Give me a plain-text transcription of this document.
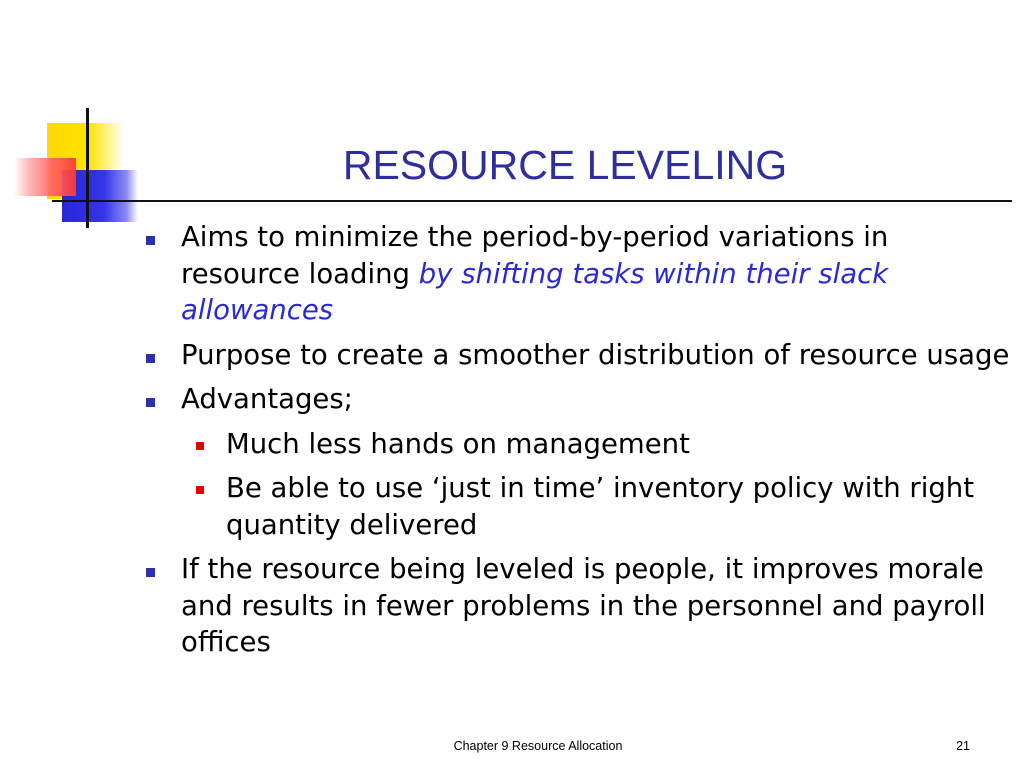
RESOURCE LEVELING
Aims to minimize the period-by-period variations in resource loading by shifting tasks within their slack allowances
Purpose to create a smoother distribution of resource usage
Advantages;
Much less hands on management
Be able to use ‘just in time’ inventory policy with right quantity delivered
If the resource being leveled is people, it improves morale and results in fewer problems in the personnel and payroll offices
Chapter 9 Resource Allocation	21
